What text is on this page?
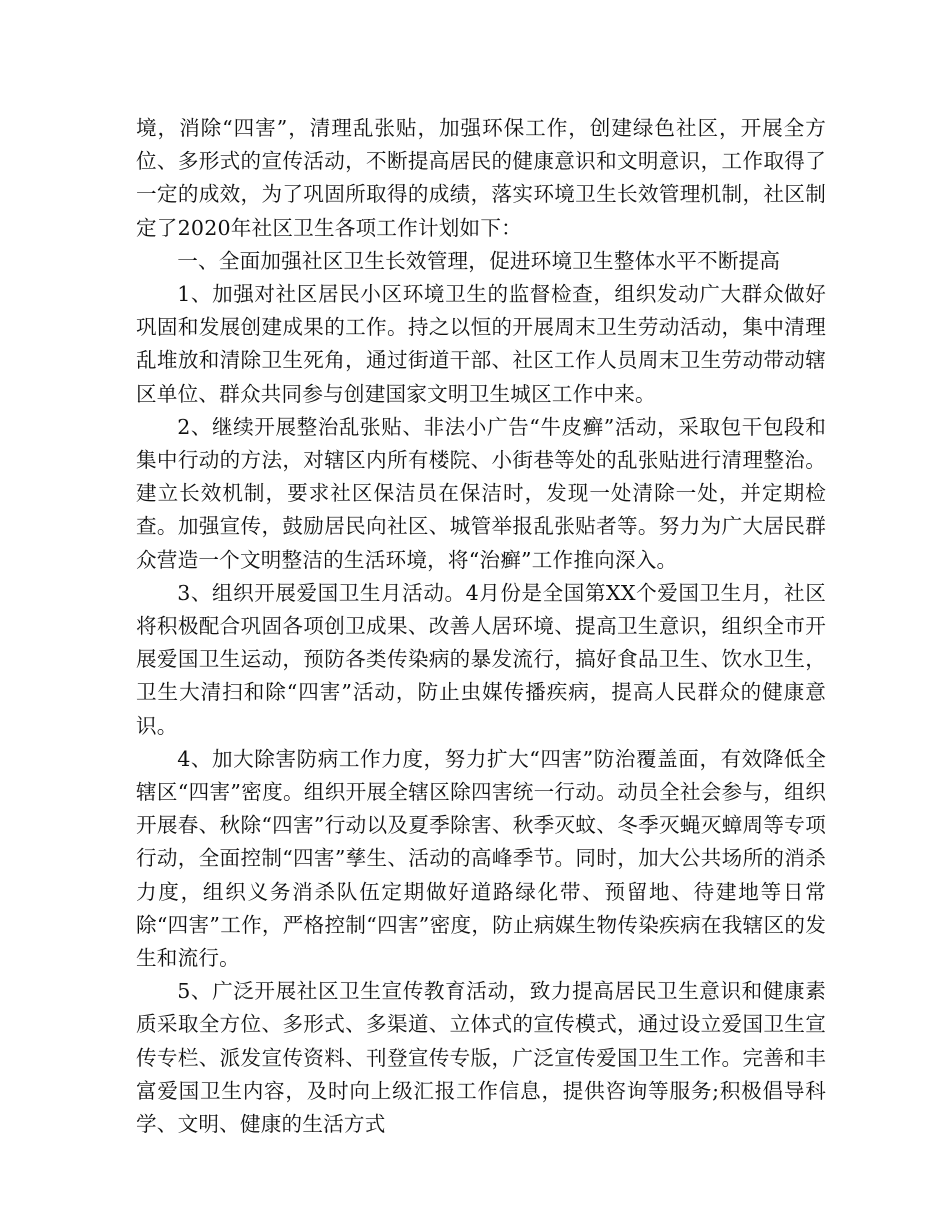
境，消除“四害”，清理乱张贴，加强环保工作，创建绿色社区，开展全方位、多形式的宣传活动，不断提高居民的健康意识和文明意识，工作取得了一定的成效，为了巩固所取得的成绩，落实环境卫生长效管理机制，社区制定了2020年社区卫生各项工作计划如下：

一、全面加强社区卫生长效管理，促进环境卫生整体水平不断提高

1、加强对社区居民小区环境卫生的监督检查，组织发动广大群众做好巩固和发展创建成果的工作。持之以恒的开展周末卫生劳动活动，集中清理乱堆放和清除卫生死角，通过街道干部、社区工作人员周末卫生劳动带动辖区单位、群众共同参与创建国家文明卫生城区工作中来。

2、继续开展整治乱张贴、非法小广告“牛皮癣”活动，采取包干包段和集中行动的方法，对辖区内所有楼院、小街巷等处的乱张贴进行清理整治。建立长效机制，要求社区保洁员在保洁时，发现一处清除一处，并定期检查。加强宣传，鼓励居民向社区、城管举报乱张贴者等。努力为广大居民群众营造一个文明整洁的生活环境，将“治癣”工作推向深入。

3、组织开展爱国卫生月活动。4月份是全国第XX个爱国卫生月，社区将积极配合巩固各项创卫成果、改善人居环境、提高卫生意识，组织全市开展爱国卫生运动，预防各类传染病的暴发流行，搞好食品卫生、饮水卫生，卫生大清扫和除“四害”活动，防止虫媒传播疾病，提高人民群众的健康意识。

4、加大除害防病工作力度，努力扩大“四害”防治覆盖面，有效降低全辖区“四害”密度。组织开展全辖区除四害统一行动。动员全社会参与，组织开展春、秋除“四害”行动以及夏季除害、秋季灭蚊、冬季灭蝇灭蟑周等专项行动，全面控制“四害”孳生、活动的高峰季节。同时，加大公共场所的消杀力度，组织义务消杀队伍定期做好道路绿化带、预留地、待建地等日常除“四害”工作，严格控制“四害”密度，防止病媒生物传染疾病在我辖区的发生和流行。

5、广泛开展社区卫生宣传教育活动，致力提高居民卫生意识和健康素质采取全方位、多形式、多渠道、立体式的宣传模式，通过设立爱国卫生宣传专栏、派发宣传资料、刊登宣传专版，广泛宣传爱国卫生工作。完善和丰富爱国卫生内容，及时向上级汇报工作信息，提供咨询等服务;积极倡导科学、文明、健康的生活方式
